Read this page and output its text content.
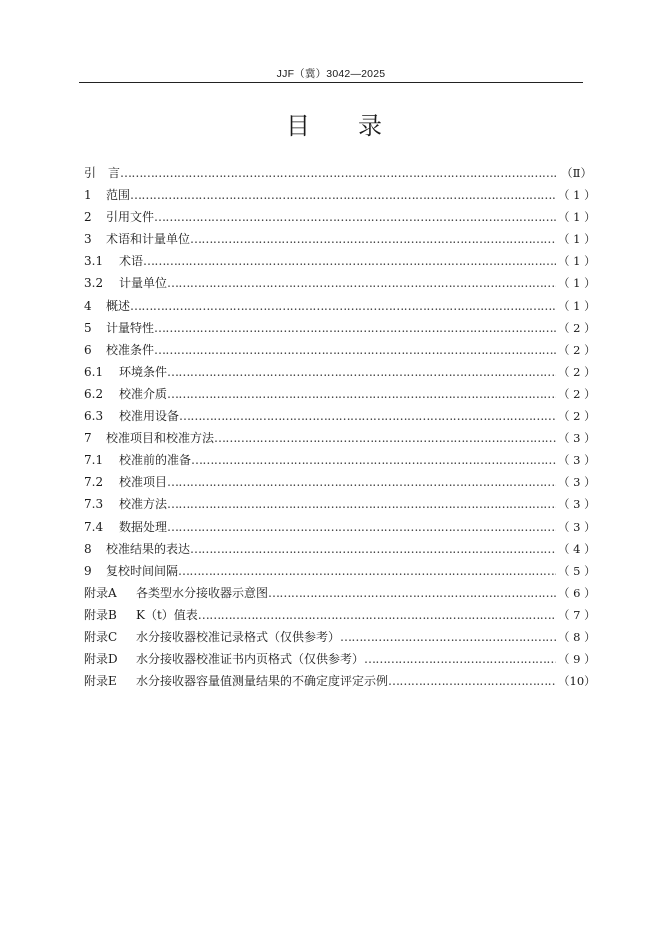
JJF（冀）3042—2025
目　　录
引　言 …………………………………………………………………………………………………………………………………………………………………………………………	（Ⅱ）
1	范围 …………………………………………………………………………………………………………………………………………………………………………………………	（ 1 ）
2	引用文件 …………………………………………………………………………………………………………………………………………………………………………………………	（ 1 ）
3	术语和计量单位 …………………………………………………………………………………………………………………………………………………………………………………………	（ 1 ）
3.1	术语 …………………………………………………………………………………………………………………………………………………………………………………………	（ 1 ）
3.2	计量单位 …………………………………………………………………………………………………………………………………………………………………………………………	（ 1 ）
4	概述 …………………………………………………………………………………………………………………………………………………………………………………………	（ 1 ）
5	计量特性 …………………………………………………………………………………………………………………………………………………………………………………………	（ 2 ）
6	校准条件 …………………………………………………………………………………………………………………………………………………………………………………………	（ 2 ）
6.1	环境条件 …………………………………………………………………………………………………………………………………………………………………………………………	（ 2 ）
6.2	校准介质 …………………………………………………………………………………………………………………………………………………………………………………………	（ 2 ）
6.3	校准用设备 …………………………………………………………………………………………………………………………………………………………………………………………	（ 2 ）
7	校准项目和校准方法 …………………………………………………………………………………………………………………………………………………………………………………………	（ 3 ）
7.1	校准前的准备 …………………………………………………………………………………………………………………………………………………………………………………………	（ 3 ）
7.2	校准项目 …………………………………………………………………………………………………………………………………………………………………………………………	（ 3 ）
7.3	校准方法 …………………………………………………………………………………………………………………………………………………………………………………………	（ 3 ）
7.4	数据处理 …………………………………………………………………………………………………………………………………………………………………………………………	（ 3 ）
8	校准结果的表达 …………………………………………………………………………………………………………………………………………………………………………………………	（ 4 ）
9	复校时间间隔 …………………………………………………………………………………………………………………………………………………………………………………………	（ 5 ）
附录A	各类型水分接收器示意图 …………………………………………………………………………………………………………………………………………………………………………………………	（ 6 ）
附录B	K（t）值表 …………………………………………………………………………………………………………………………………………………………………………………………	（ 7 ）
附录C	水分接收器校准记录格式（仅供参考） …………………………………………………………………………………………………………………………………………………………………………………………	（ 8 ）
附录D	水分接收器校准证书内页格式（仅供参考） …………………………………………………………………………………………………………………………………………………………………………………………	（ 9 ）
附录E	水分接收器容量值测量结果的不确定度评定示例 …………………………………………………………………………………………………………………………………………………………………………………………	（10）
